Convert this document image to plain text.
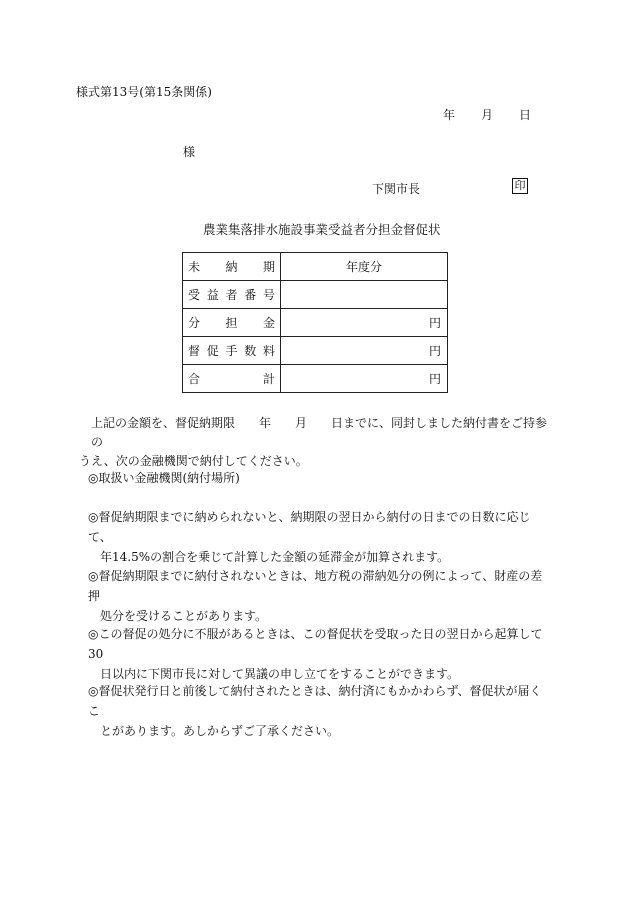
様式第13号(第15条関係)
年 月 日
様
下関市長	印
農業集落排水施設事業受益者分担金督促状
未 納 期	年度分

受 益 者 番 号	

分 担 金	円

督 促 手 数 料	円

合 計	円
上記の金額を、督促納期限　　年　　月　　日までに、同封しました納付書をご持参の
うえ、次の金融機関で納付してください。
◎取扱い金融機関(納付場所)
◎督促納期限までに納められないと、納期限の翌日から納付の日までの日数に応じて、
年14.5%の割合を乗じて計算した金額の延滞金が加算されます。
◎督促納期限までに納付されないときは、地方税の滞納処分の例によって、財産の差押
処分を受けることがあります。
◎この督促の処分に不服があるときは、この督促状を受取った日の翌日から起算して30
日以内に下関市長に対して異議の申し立てをすることができます。
◎督促状発行日と前後して納付されたときは、納付済にもかかわらず、督促状が届くこ
とがあります。あしからずご了承ください。
